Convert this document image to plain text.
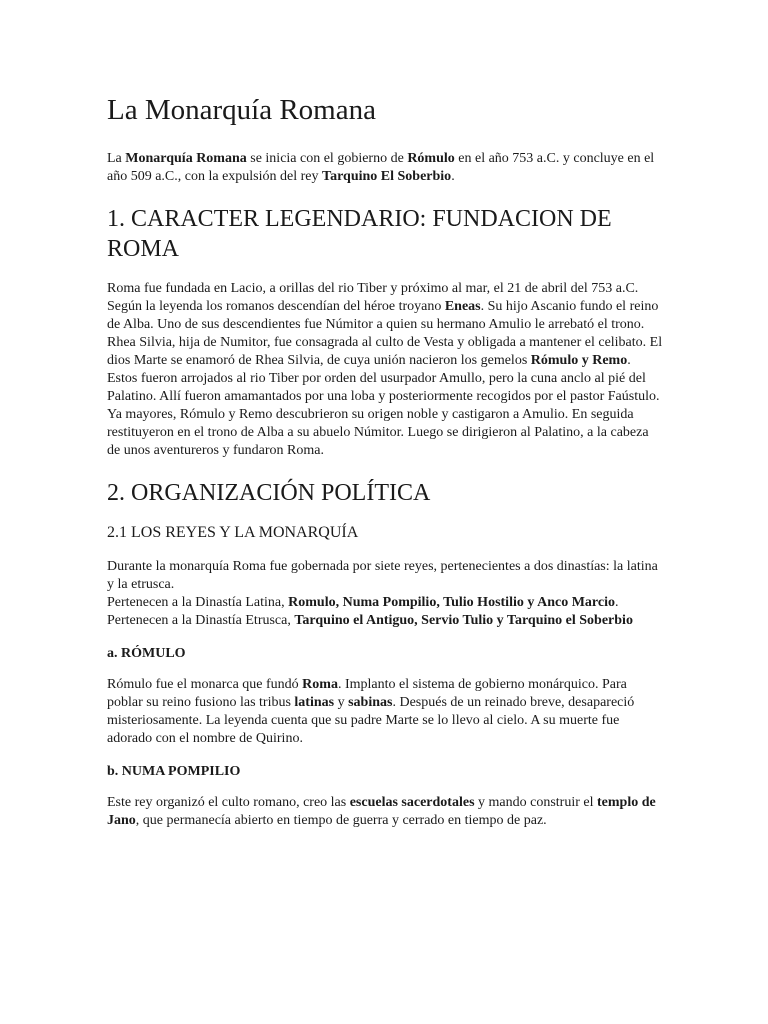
La Monarquía Romana

La Monarquía Romana se inicia con el gobierno de Rómulo en el año 753 a.C. y concluye en el año 509 a.C., con la expulsión del rey Tarquino El Soberbio.

1. CARACTER LEGENDARIO: FUNDACION DE ROMA

Roma fue fundada en Lacio, a orillas del rio Tiber y próximo al mar, el 21 de abril del 753 a.C.
Según la leyenda los romanos descendían del héroe troyano Eneas. Su hijo Ascanio fundo el reino de Alba. Uno de sus descendientes fue Númitor a quien su hermano Amulio le arrebató el trono.
Rhea Silvia, hija de Numitor, fue consagrada al culto de Vesta y obligada a mantener el celibato. El dios Marte se enamoró de Rhea Silvia, de cuya unión nacieron los gemelos Rómulo y Remo. Estos fueron arrojados al rio Tiber por orden del usurpador Amullo, pero la cuna anclo al pié del Palatino. Allí fueron amamantados por una loba y posteriormente recogidos por el pastor Faústulo.
Ya mayores, Rómulo y Remo descubrieron su origen noble y castigaron a Amulio. En seguida restituyeron en el trono de Alba a su abuelo Númitor. Luego se dirigieron al Palatino, a la cabeza de unos aventureros y fundaron Roma.

2. ORGANIZACIÓN POLÍTICA
2.1 LOS REYES Y LA MONARQUÍA

Durante la monarquía Roma fue gobernada por siete reyes, pertenecientes a dos dinastías: la latina y la etrusca.
Pertenecen a la Dinastía Latina, Romulo, Numa Pompilio, Tulio Hostilio y Anco Marcio.
Pertenecen a la Dinastía Etrusca, Tarquino el Antiguo, Servio Tulio y Tarquino el Soberbio

a. RÓMULO

Rómulo fue el monarca que fundó Roma. Implanto el sistema de gobierno monárquico. Para poblar su reino fusiono las tribus latinas y sabinas. Después de un reinado breve, desapareció misteriosamente. La leyenda cuenta que su padre Marte se lo llevo al cielo. A su muerte fue adorado con el nombre de Quirino.

b. NUMA POMPILIO

Este rey organizó el culto romano, creo las escuelas sacerdotales y mando construir el templo de Jano, que permanecía abierto en tiempo de guerra y cerrado en tiempo de paz.
